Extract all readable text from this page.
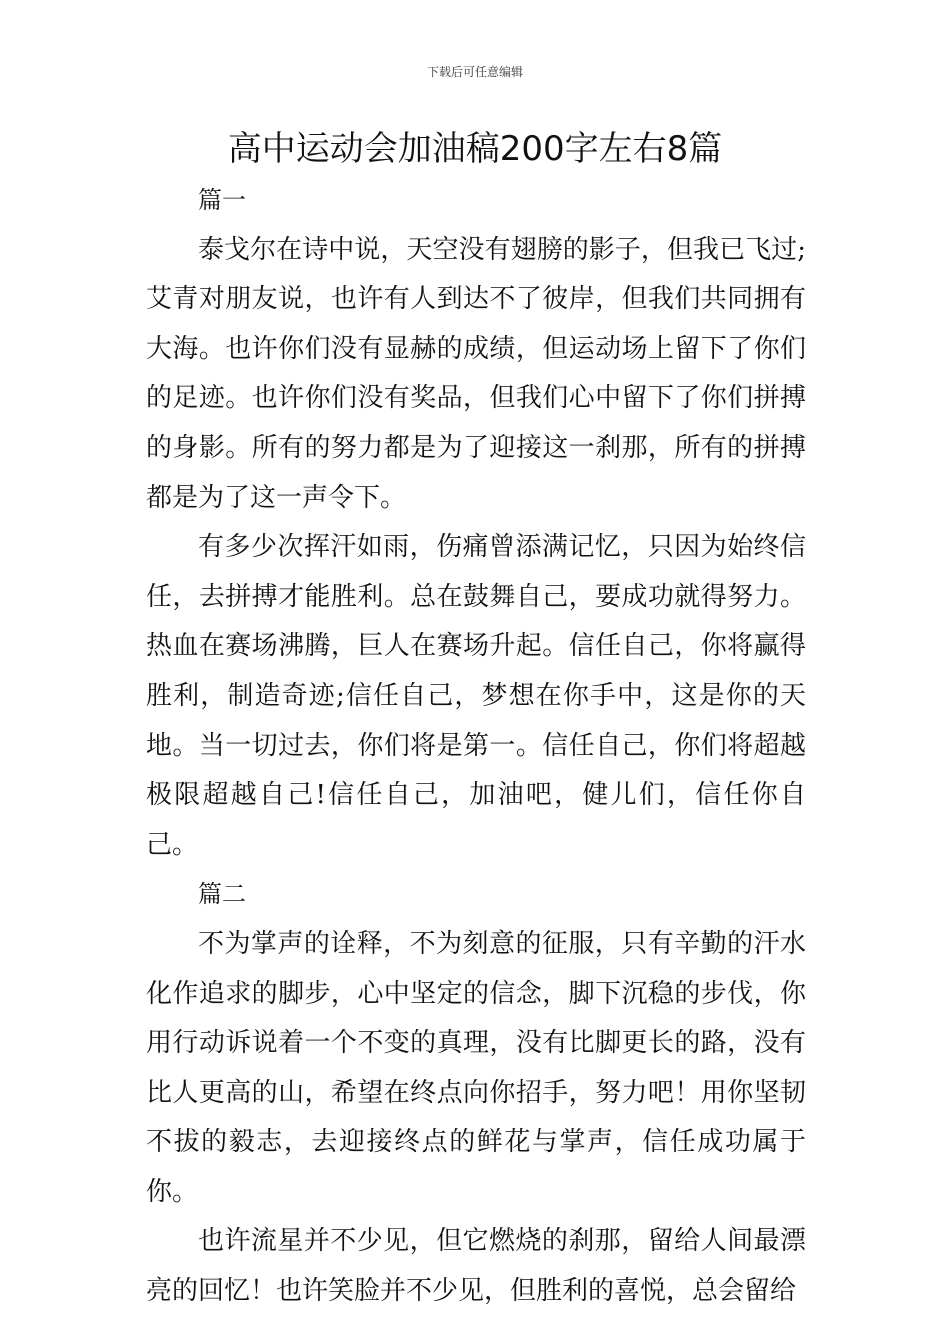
下载后可任意编辑
高中运动会加油稿200字左右8篇
篇一

泰戈尔在诗中说，天空没有翅膀的影子，但我已飞过;艾青对朋友说，也许有人到达不了彼岸，但我们共同拥有大海。也许你们没有显赫的成绩，但运动场上留下了你们的足迹。也许你们没有奖品，但我们心中留下了你们拼搏的身影。所有的努力都是为了迎接这一刹那，所有的拼搏都是为了这一声令下。

有多少次挥汗如雨，伤痛曾添满记忆，只因为始终信任，去拼搏才能胜利。总在鼓舞自己，要成功就得努力。热血在赛场沸腾，巨人在赛场升起。信任自己，你将赢得胜利，制造奇迹;信任自己，梦想在你手中，这是你的天地。当一切过去，你们将是第一。信任自己，你们将超越极限超越自己!信任自己，加油吧，健儿们，信任你自己。

篇二

不为掌声的诠释，不为刻意的征服，只有辛勤的汗水化作追求的脚步，心中坚定的信念，脚下沉稳的步伐，你用行动诉说着一个不变的真理，没有比脚更长的路，没有比人更高的山，希望在终点向你招手，努力吧！用你坚韧不拔的毅志，去迎接终点的鲜花与掌声，信任成功属于你。

也许流星并不少见，但它燃烧的刹那，留给人间最漂亮的回忆！也许笑脸并不少见，但胜利的喜悦，总会留给
